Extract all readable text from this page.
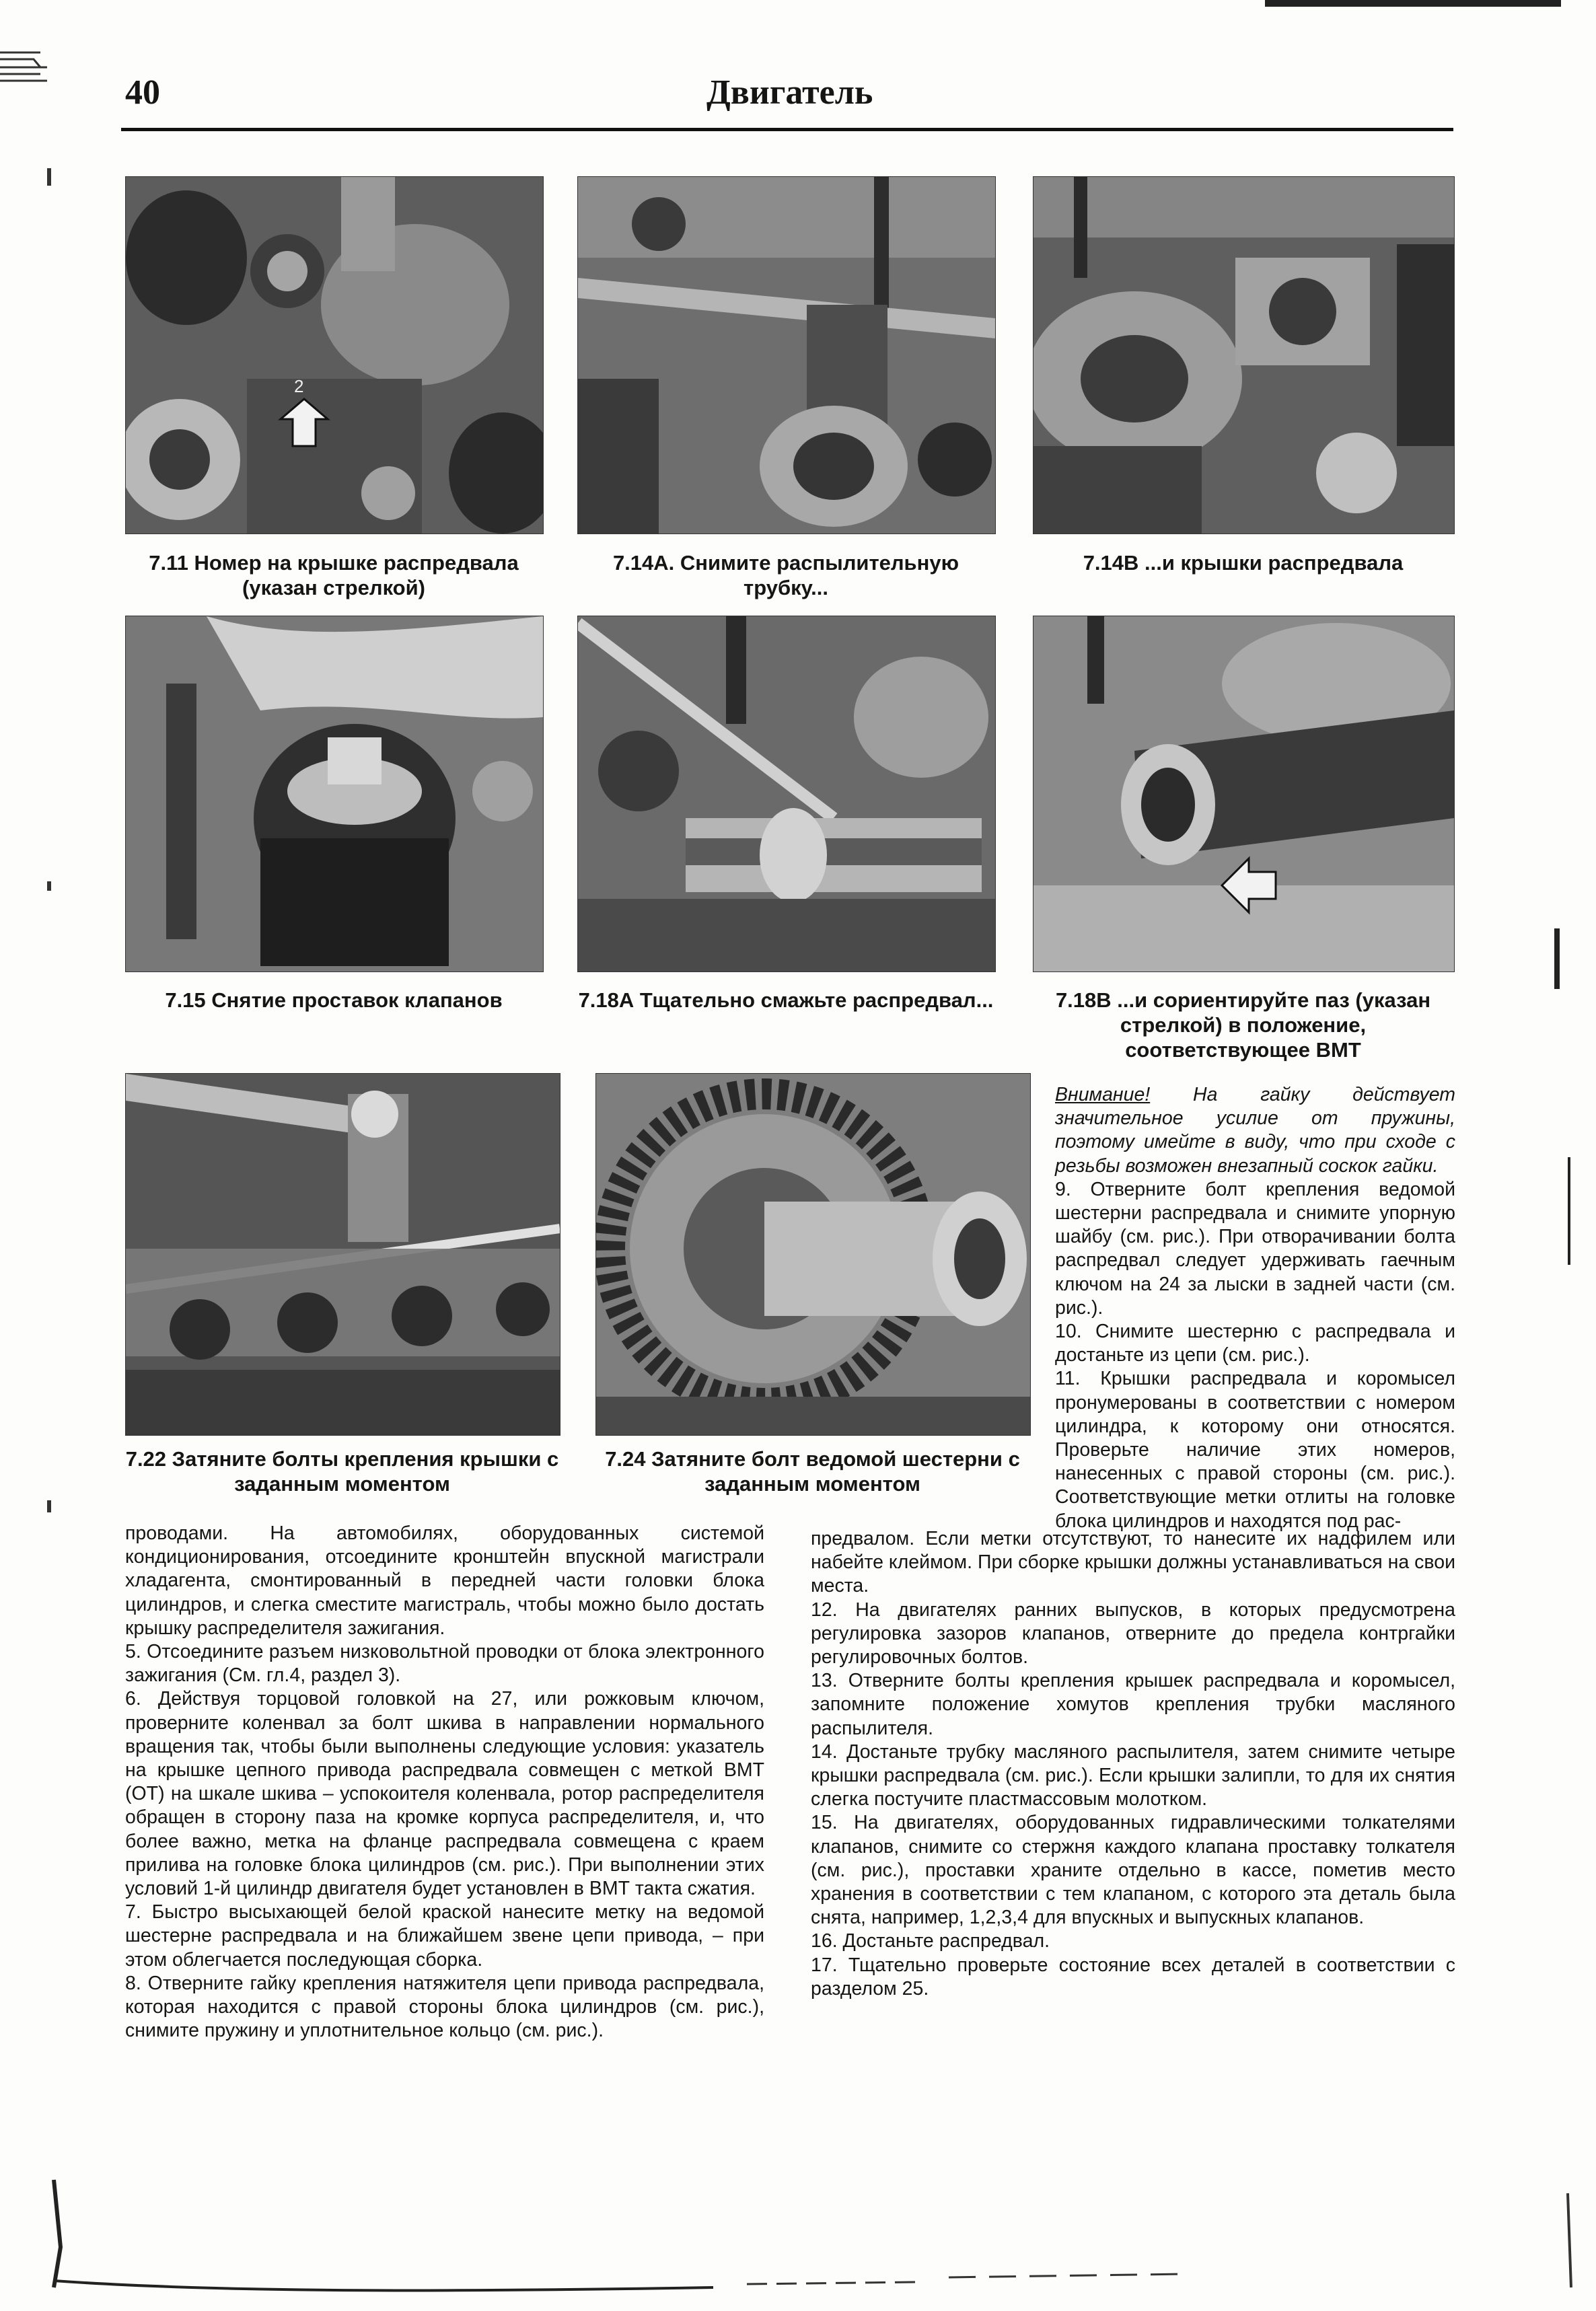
40	Двигатель
2
7.11 Номер на крышке распредвала (указан стрелкой)
7.14А. Снимите распылительную трубку...
7.14В ...и крышки распредвала
7.15 Снятие проставок клапанов	7.18А Тщательно смажьте распредвал...	7.18В ...и сориентируйте паз (указан стрелкой) в положение, соответствующее ВМТ
7.22 Затяните болты крепления крышки с заданным моментом
7.24 Затяните болт ведомой шестерни с заданным моментом

Внимание! На гайку действует значительное усилие от пружины, поэтому имейте в виду, что при сходе с резьбы возможен внезапный соскок гайки.

9. Отверните болт крепления ведомой шестерни распредвала и снимите упорную шайбу (см. рис.). При отворачивании болта распредвал следует удерживать гаечным ключом на 24 за лыски в задней части (см. рис.).

10. Снимите шестерню с распредвала и достаньте из цепи (см. рис.).

11. Крышки распредвала и коромысел пронумерованы в соответствии с номером цилиндра, к которому они относятся. Проверьте наличие этих номеров, нанесенных с правой стороны (см. рис.). Соответствующие метки отлиты на головке блока цилиндров и находятся под рас-

проводами. На автомобилях, оборудованных системой кондиционирования, отсоедините кронштейн впускной магистрали хладагента, смонтированный в передней части головки блока цилиндров, и слегка сместите магистраль, чтобы можно было достать крышку распределителя зажигания.

5. Отсоедините разъем низковольтной проводки от блока электронного зажигания (См. гл.4, раздел 3).

6. Действуя торцовой головкой на 27, или рожковым ключом, проверните коленвал за болт шкива в направлении нормального вращения так, чтобы были выполнены следующие условия: указатель на крышке цепного привода распредвала совмещен с меткой ВМТ (ОТ) на шкале шкива – успокоителя коленвала, ротор распределителя обращен в сторону паза на кромке корпуса распределителя, и, что более важно, метка на фланце распредвала совмещена с краем прилива на головке блока цилиндров (см. рис.). При выполнении этих условий 1-й цилиндр двигателя будет установлен в ВМТ такта сжатия.

7. Быстро высыхающей белой краской нанесите метку на ведомой шестерне распредвала и на ближайшем звене цепи привода, – при этом облегчается последующая сборка.

8. Отверните гайку крепления натяжителя цепи привода распредвала, которая находится с правой стороны блока цилиндров (см. рис.), снимите пружину и уплотнительное кольцо (см. рис.).

предвалом. Если метки отсутствуют, то нанесите их надфилем или набейте клеймом. При сборке крышки должны устанавливаться на свои места.

12. На двигателях ранних выпусков, в которых предусмотрена регулировка зазоров клапанов, отверните до предела контргайки регулировочных болтов.

13. Отверните болты крепления крышек распредвала и коромысел, запомните положение хомутов крепления трубки масляного распылителя.

14. Достаньте трубку масляного распылителя, затем снимите четыре крышки распредвала (см. рис.). Если крышки залипли, то для их снятия слегка постучите пластмассовым молотком.

15. На двигателях, оборудованных гидравлическими толкателями клапанов, снимите со стержня каждого клапана проставку толкателя (см. рис.), проставки храните отдельно в кассе, пометив место хранения в соответствии с тем клапаном, с которого эта деталь была снята, например, 1,2,3,4 для впускных и выпускных клапанов.

16. Достаньте распредвал.

17. Тщательно проверьте состояние всех деталей в соответствии с разделом 25.
